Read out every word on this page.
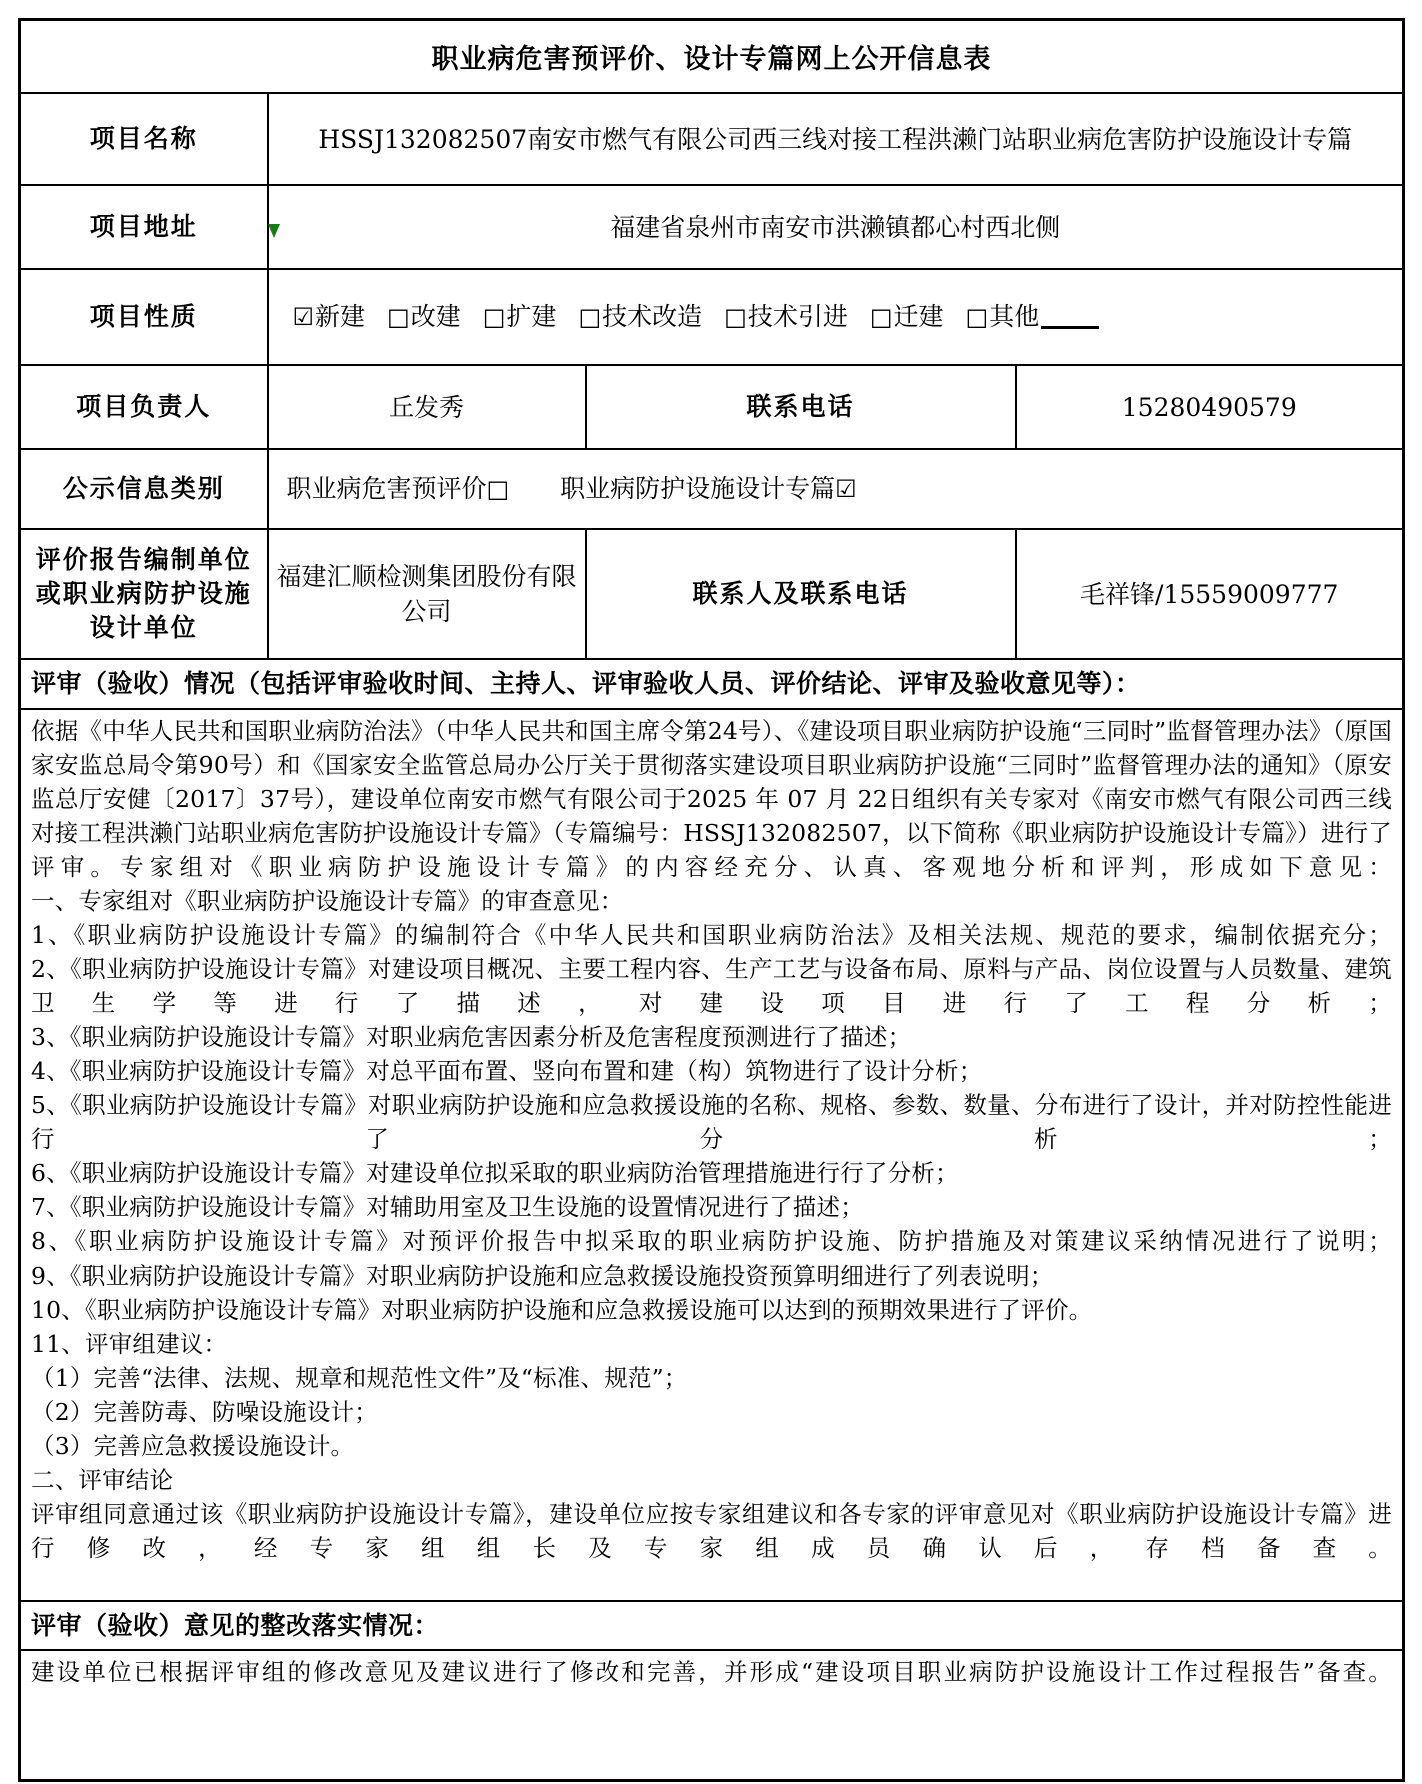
职业病危害预评价、设计专篇网上公开信息表			
项目名称	HSSJ132082507南安市燃气有限公司西三线对接工程洪濑门站职业病危害防护设施设计专篇		
项目地址	福建省泉州市南安市洪濑镇都心村西北侧		
项目性质	☑新建 □改建 □扩建 □技术改造 □技术引进 □迁建 □其他

项目负责人	丘发秀	联系电话	15280490579
公示信息类别	职业病危害预评价□ 职业病防护设施设计专篇☑		

评价报告编制单位或职业病防护设施设计单位	福建汇顺检测集团股份有限公司	联系人及联系电话	毛祥锋/15559009777
评审（验收）情况（包括评审验收时间、主持人、评审验收人员、评价结论、评审及验收意见等）：			

依据《中华人民共和国职业病防治法》（中华人民共和国主席令第24号）、《建设项目职业病防护设施“三同时”监督管理办法》（原国家安监总局令第90号）和《国家安全监管总局办公厅关于贯彻落实建设项目职业病防护设施“三同时”监督管理办法的通知》（原安监总厅安健〔2017〕37号），建设单位南安市燃气有限公司于2025 年 07 月 22日组织有关专家对《南安市燃气有限公司西三线对接工程洪濑门站职业病危害防护设施设计专篇》（专篇编号：HSSJ132082507，以下简称《职业病防护设施设计专篇》）进行了评审。专家组对《职业病防护设施设计专篇》的内容经充分、认真、客观地分析和评判，形成如下意见：

一、专家组对《职业病防护设施设计专篇》的审查意见：

1、《职业病防护设施设计专篇》的编制符合《中华人民共和国职业病防治法》及相关法规、规范的要求，编制依据充分；

2、《职业病防护设施设计专篇》对建设项目概况、主要工程内容、生产工艺与设备布局、原料与产品、岗位设置与人员数量、建筑卫生学等进行了描述，对建设项目进行了工程分析；

3、《职业病防护设施设计专篇》对职业病危害因素分析及危害程度预测进行了描述；

4、《职业病防护设施设计专篇》对总平面布置、竖向布置和建（构）筑物进行了设计分析；

5、《职业病防护设施设计专篇》对职业病防护设施和应急救援设施的名称、规格、参数、数量、分布进行了设计，并对防控性能进行了分析；

6、《职业病防护设施设计专篇》对建设单位拟采取的职业病防治管理措施进行行了分析；

7、《职业病防护设施设计专篇》对辅助用室及卫生设施的设置情况进行了描述；

8、《职业病防护设施设计专篇》对预评价报告中拟采取的职业病防护设施、防护措施及对策建议采纳情况进行了说明；

9、《职业病防护设施设计专篇》对职业病防护设施和应急救援设施投资预算明细进行了列表说明；

10、《职业病防护设施设计专篇》对职业病防护设施和应急救援设施可以达到的预期效果进行了评价。

11、评审组建议：

（1）完善“法律、法规、规章和规范性文件”及“标准、规范”；

（2）完善防毒、防噪设施设计；

（3）完善应急救援设施设计。

二、评审结论

评审组同意通过该《职业病防护设施设计专篇》，建设单位应按专家组建议和各专家的评审意见对《职业病防护设施设计专篇》进行修改，经专家组组长及专家组成员确认后，存档备查。

评审（验收）意见的整改落实情况：			

建设单位已根据评审组的修改意见及建议进行了修改和完善，并形成“建设项目职业病防护设施设计工作过程报告”备查。			
